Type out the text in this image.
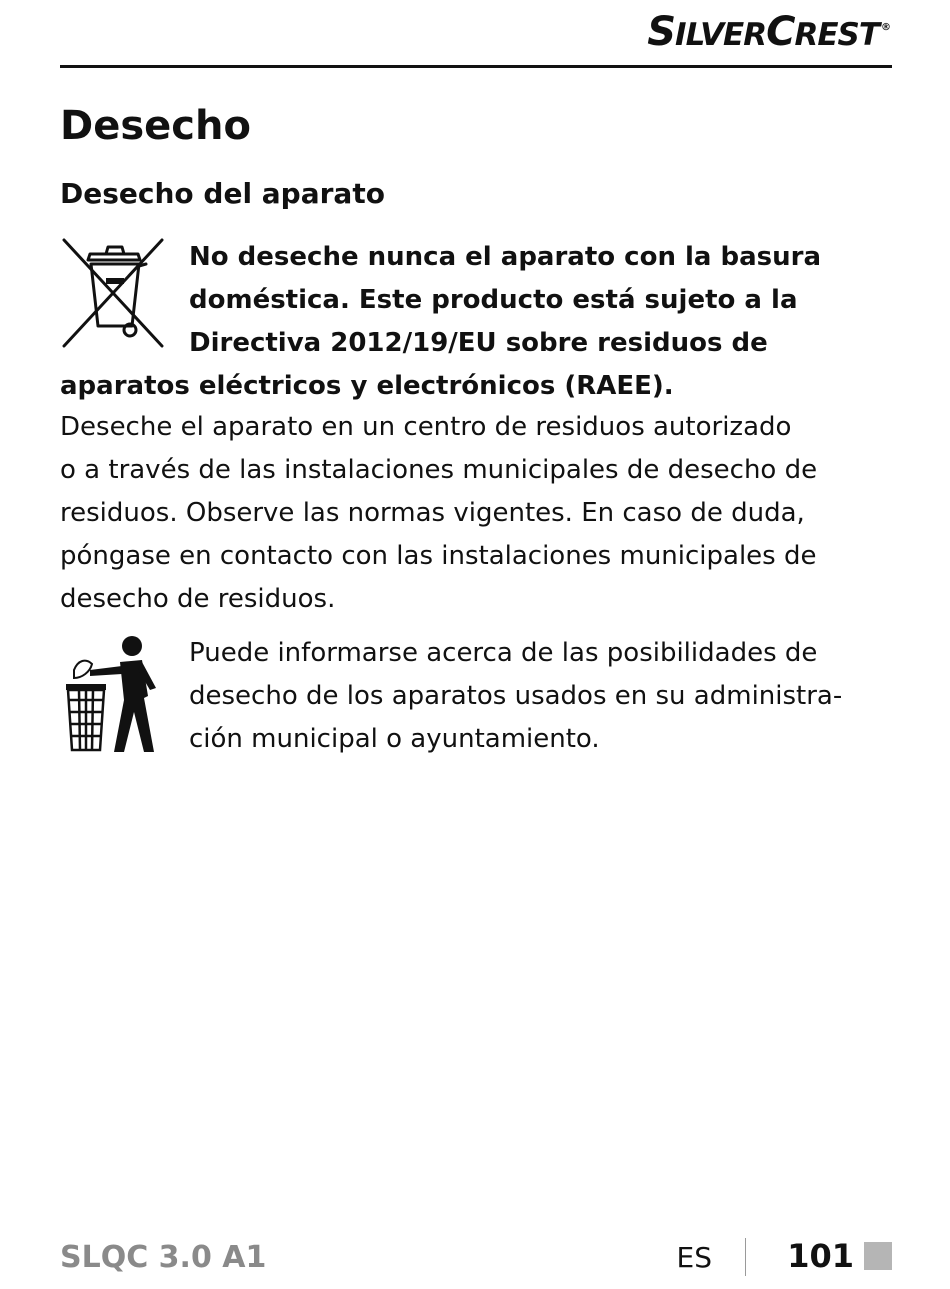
SILVERCREST ®
Desecho
Desecho del aparato

No deseche nunca el aparato con la basura
doméstica. Este producto está sujeto a la
Directiva 2012/19/EU sobre residuos de
aparatos eléctricos y electrónicos (RAEE).

Deseche el aparato en un centro de residuos autorizado
o a través de las instalaciones municipales de desecho de
residuos. Observe las normas vigentes. En caso de duda,
póngase en contacto con las instalaciones municipales de
desecho de residuos.

Puede informarse acerca de las posibilidades de
desecho de los aparatos usados en su administra-
ción municipal o ayuntamiento.

SLQC 3.0 A1	ES 101
